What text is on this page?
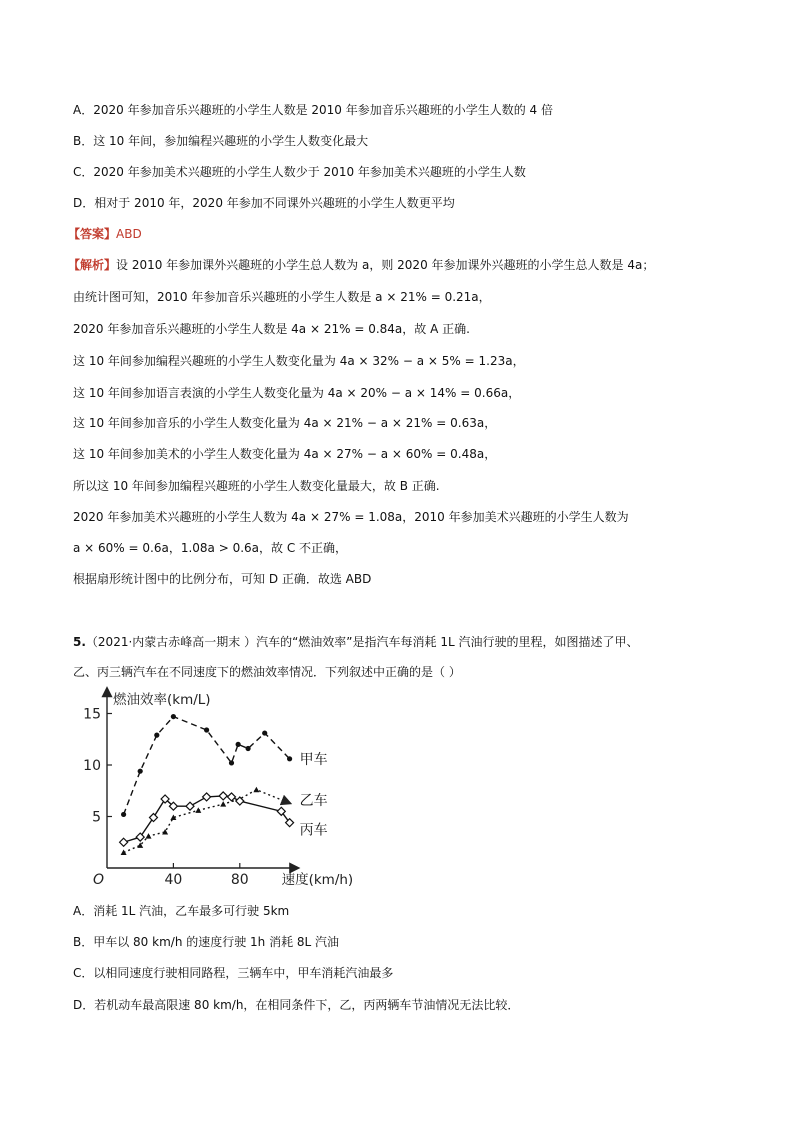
A．2020 年参加音乐兴趣班的小学生人数是 2010 年参加音乐兴趣班的小学生人数的 4 倍
B．这 10 年间，参加编程兴趣班的小学生人数变化最大
C．2020 年参加美术兴趣班的小学生人数少于 2010 年参加美术兴趣班的小学生人数
D．相对于 2010 年，2020 年参加不同课外兴趣班的小学生人数更平均
【答案】ABD
【解析】设 2010 年参加课外兴趣班的小学生总人数为 a，则 2020 年参加课外兴趣班的小学生总人数是 4a；
由统计图可知，2010 年参加音乐兴趣班的小学生人数是 a × 21% = 0.21a，
2020 年参加音乐兴趣班的小学生人数是 4a × 21% = 0.84a，故 A 正确.
这 10 年间参加编程兴趣班的小学生人数变化量为 4a × 32% − a × 5% = 1.23a，
这 10 年间参加语言表演的小学生人数变化量为 4a × 20% − a × 14% = 0.66a，
这 10 年间参加音乐的小学生人数变化量为 4a × 21% − a × 21% = 0.63a，
这 10 年间参加美术的小学生人数变化量为 4a × 27% − a × 60% = 0.48a，
所以这 10 年间参加编程兴趣班的小学生人数变化量最大，故 B 正确.
2020 年参加美术兴趣班的小学生人数为 4a × 27% = 1.08a，2010 年参加美术兴趣班的小学生人数为
a × 60% = 0.6a，1.08a > 0.6a，故 C 不正确，
根据扇形统计图中的比例分布，可知 D 正确．故选 ABD
5.（2021·内蒙古赤峰高一期末 ）汽车的“燃油效率”是指汽车每消耗 1L 汽油行驶的里程，如图描述了甲、
乙、丙三辆汽车在不同速度下的燃油效率情况．下列叙述中正确的是（ ）
5
10
15
40	80
O
燃油效率(km/L)
速度(km/h)
甲车
乙车
丙车
A．消耗 1L 汽油，乙车最多可行驶 5km
B．甲车以 80 km/h 的速度行驶 1h 消耗 8L 汽油
C．以相同速度行驶相同路程，三辆车中，甲车消耗汽油最多
D．若机动车最高限速 80 km/h，在相同条件下，乙，丙两辆车节油情况无法比较．
